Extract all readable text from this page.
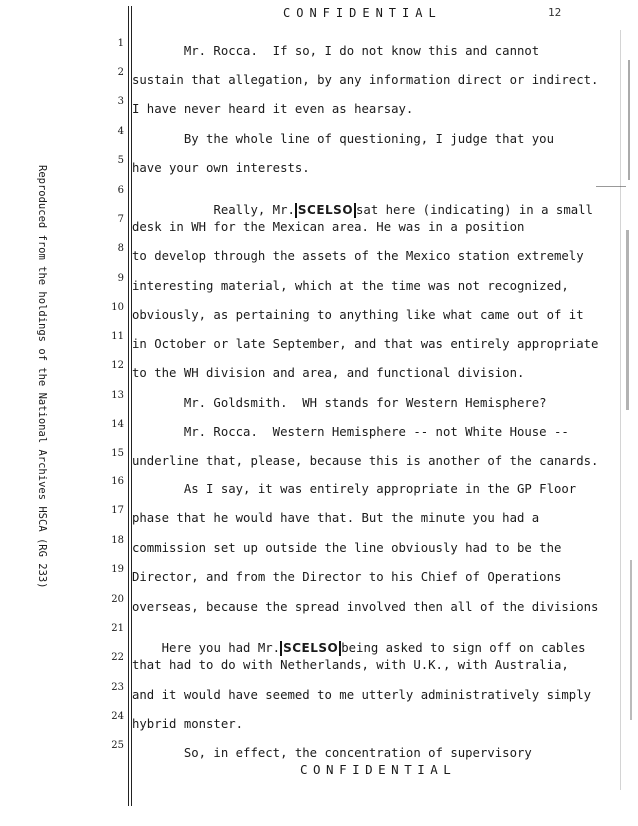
CONFIDENTIAL	12
Reproduced from the holdings of the National Archives HSCA (RG 233)
1
2
3
4
5
6
7
8
9
10
11
12
13
14
15
16
17
18
19
20
21
22
23
24
25

Mr. Rocca.  If so, I do not know this and cannot

sustain that allegation, by any information direct or indirect.

I have never heard it even as hearsay.

By the whole line of questioning, I judge that you

have your own interests.

Really, Mr. SCELSO sat here (indicating) in a small

desk in WH for the Mexican area. He was in a position

to develop through the assets of the Mexico station extremely

interesting material, which at the time was not recognized,

obviously, as pertaining to anything like what came out of it

in October or late September, and that was entirely appropriate

to the WH division and area, and functional division.

Mr. Goldsmith.  WH stands for Western Hemisphere?

Mr. Rocca.  Western Hemisphere -- not White House --

underline that, please, because this is another of the canards.

As I say, it was entirely appropriate in the GP Floor

phase that he would have that. But the minute you had a

commission set up outside the line obviously had to be the

Director, and from the Director to his Chief of Operations

overseas, because the spread involved then all of the divisions

Here you had Mr. SCELSO being asked to sign off on cables

that had to do with Netherlands, with U.K., with Australia,

and it would have seemed to me utterly administratively simply

hybrid monster.

So, in effect, the concentration of supervisory

CONFIDENTIAL
